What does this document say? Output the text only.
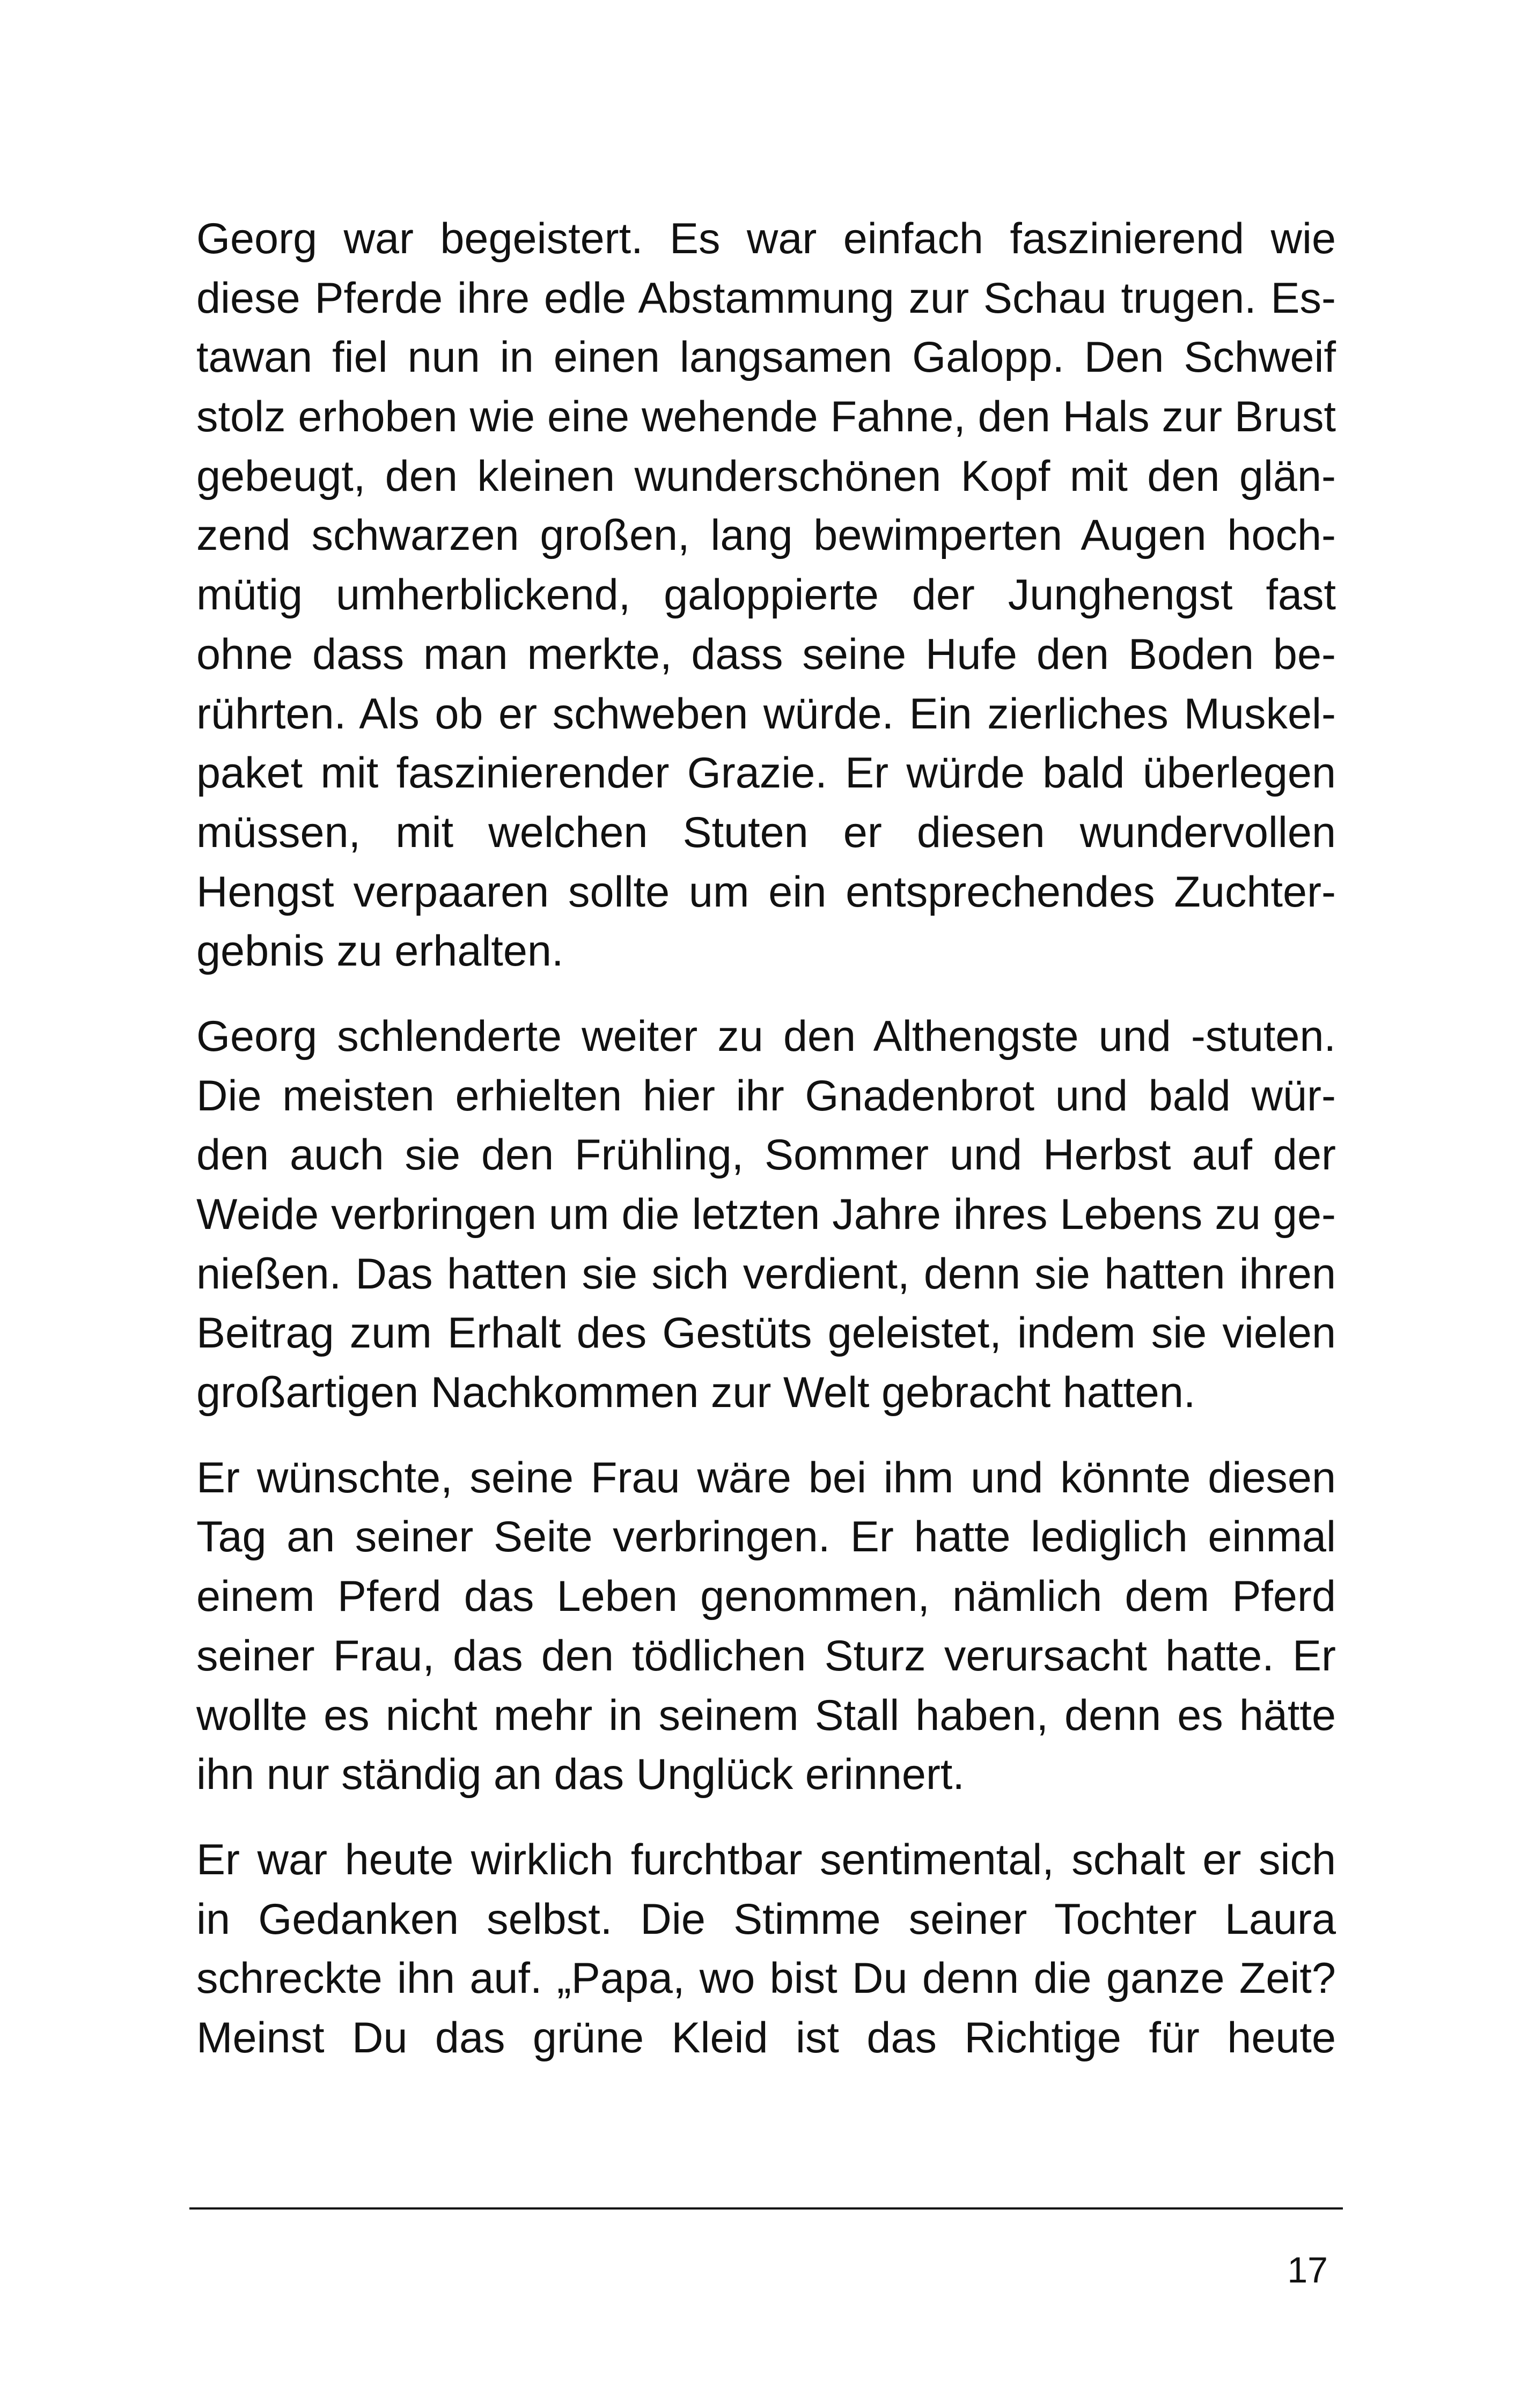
Georg war begeistert. Es war einfach faszinierend wie
diese Pferde ihre edle Abstammung zur Schau trugen. Es-
tawan fiel nun in einen langsamen Galopp. Den Schweif
stolz erhoben wie eine wehende Fahne, den Hals zur Brust
gebeugt, den kleinen wunderschönen Kopf mit den glän-
zend schwarzen großen, lang bewimperten Augen hoch-
mütig umherblickend, galoppierte der Junghengst fast
ohne dass man merkte, dass seine Hufe den Boden be-
rührten. Als ob er schweben würde. Ein zierliches Muskel-
paket mit faszinierender Grazie. Er würde bald überlegen
müssen, mit welchen Stuten er diesen wundervollen
Hengst verpaaren sollte um ein entsprechendes Zuchter-
gebnis zu erhalten.
Georg schlenderte weiter zu den Althengste und -stuten.
Die meisten erhielten hier ihr Gnadenbrot und bald wür-
den auch sie den Frühling, Sommer und Herbst auf der
Weide verbringen um die letzten Jahre ihres Lebens zu ge-
nießen. Das hatten sie sich verdient, denn sie hatten ihren
Beitrag zum Erhalt des Gestüts geleistet, indem sie vielen
großartigen Nachkommen zur Welt gebracht hatten.
Er wünschte, seine Frau wäre bei ihm und könnte diesen
Tag an seiner Seite verbringen. Er hatte lediglich einmal
einem Pferd das Leben genommen, nämlich dem Pferd
seiner Frau, das den tödlichen Sturz verursacht hatte. Er
wollte es nicht mehr in seinem Stall haben, denn es hätte
ihn nur ständig an das Unglück erinnert.
Er war heute wirklich furchtbar sentimental, schalt er sich
in Gedanken selbst. Die Stimme seiner Tochter Laura
schreckte ihn auf. „Papa, wo bist Du denn die ganze Zeit?
Meinst Du das grüne Kleid ist das Richtige für heute
17
